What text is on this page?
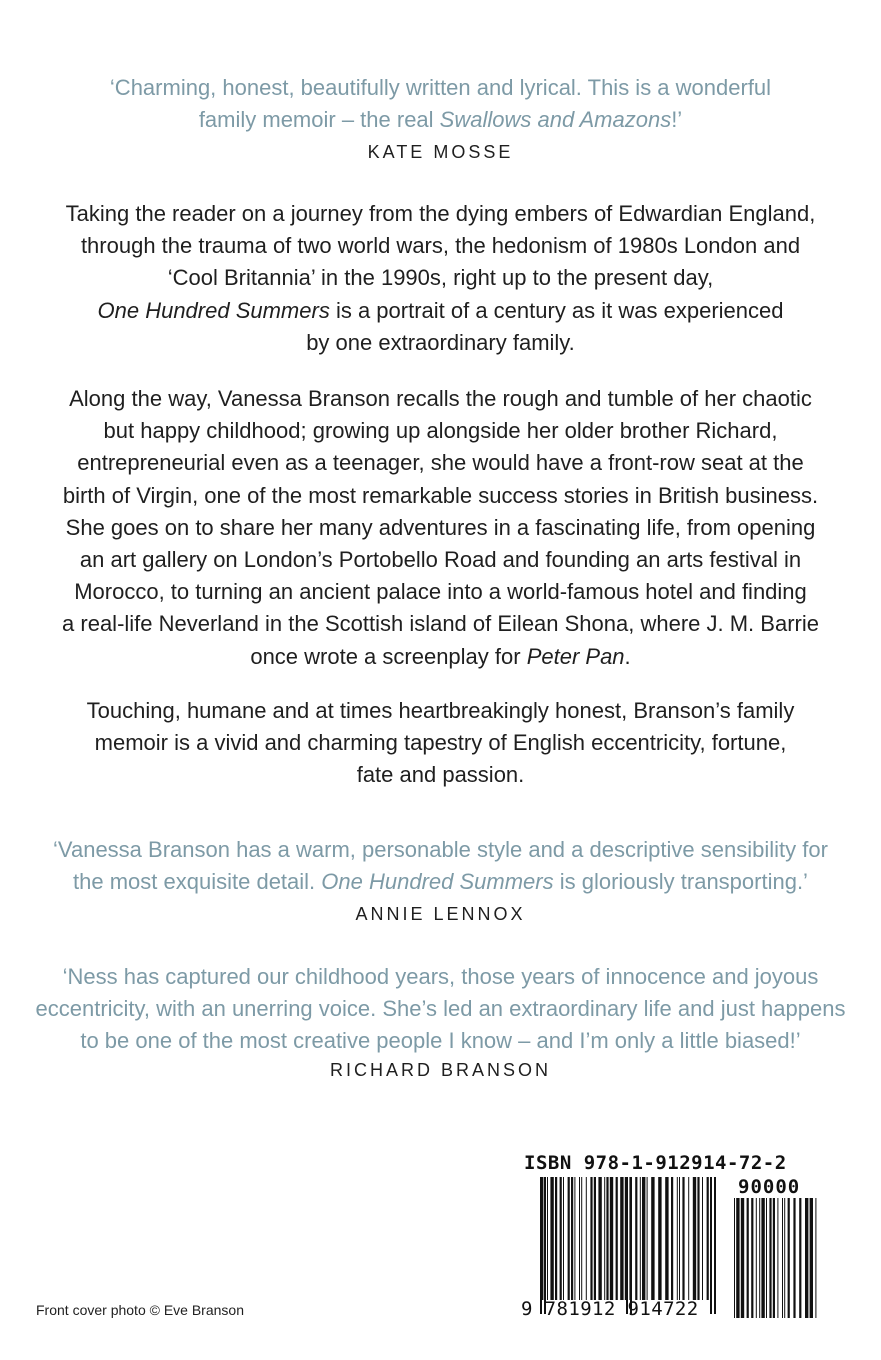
‘Charming, honest, beautifully written and lyrical. This is a wonderful
family memoir – the real Swallows and Amazons!’
KATE MOSSE
Taking the reader on a journey from the dying embers of Edwardian England,
through the trauma of two world wars, the hedonism of 1980s London and
‘Cool Britannia’ in the 1990s, right up to the present day,
One Hundred Summers is a portrait of a century as it was experienced
by one extraordinary family.
Along the way, Vanessa Branson recalls the rough and tumble of her chaotic
but happy childhood; growing up alongside her older brother Richard,
entrepreneurial even as a teenager, she would have a front-row seat at the
birth of Virgin, one of the most remarkable success stories in British business.
She goes on to share her many adventures in a fascinating life, from opening
an art gallery on London’s Portobello Road and founding an arts festival in
Morocco, to turning an ancient palace into a world-famous hotel and finding
a real-life Neverland in the Scottish island of Eilean Shona, where J. M. Barrie
once wrote a screenplay for Peter Pan.
Touching, humane and at times heartbreakingly honest, Branson’s family
memoir is a vivid and charming tapestry of English eccentricity, fortune,
fate and passion.
‘Vanessa Branson has a warm, personable style and a descriptive sensibility for
the most exquisite detail. One Hundred Summers is gloriously transporting.’
ANNIE LENNOX
‘Ness has captured our childhood years, those years of innocence and joyous
eccentricity, with an unerring voice. She’s led an extraordinary life and just happens
to be one of the most creative people I know – and I’m only a little biased!’
RICHARD BRANSON
ISBN 978-1-912914-72-2
90000
9 781912 914722
Front cover photo © Eve Branson
